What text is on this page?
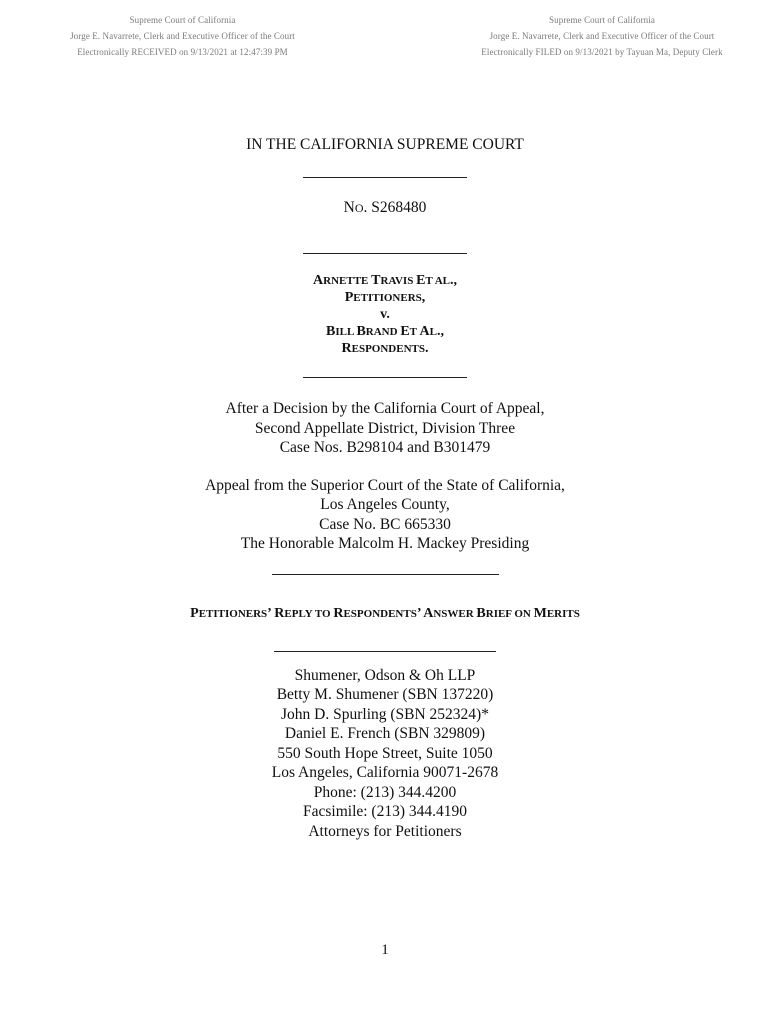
Supreme Court of California
Jorge E. Navarrete, Clerk and Executive Officer of the Court
Electronically RECEIVED on 9/13/2021 at 12:47:39 PM
Supreme Court of California
Jorge E. Navarrete, Clerk and Executive Officer of the Court
Electronically FILED on 9/13/2021 by Tayuan Ma, Deputy Clerk
IN THE CALIFORNIA SUPREME COURT
NO. S268480
ARNETTE TRAVIS ET AL.,
PETITIONERS,
v.
BILL BRAND ET AL.,
RESPONDENTS.
After a Decision by the California Court of Appeal,
Second Appellate District, Division Three
Case Nos. B298104 and B301479
Appeal from the Superior Court of the State of California,
Los Angeles County,
Case No. BC 665330
The Honorable Malcolm H. Mackey Presiding
PETITIONERS’ REPLY TO RESPONDENTS’ ANSWER BRIEF ON MERITS
Shumener, Odson & Oh LLP
Betty M. Shumener (SBN 137220)
John D. Spurling (SBN 252324)*
Daniel E. French (SBN 329809)
550 South Hope Street, Suite 1050
Los Angeles, California 90071-2678
Phone: (213) 344.4200
Facsimile: (213) 344.4190
Attorneys for Petitioners
1
